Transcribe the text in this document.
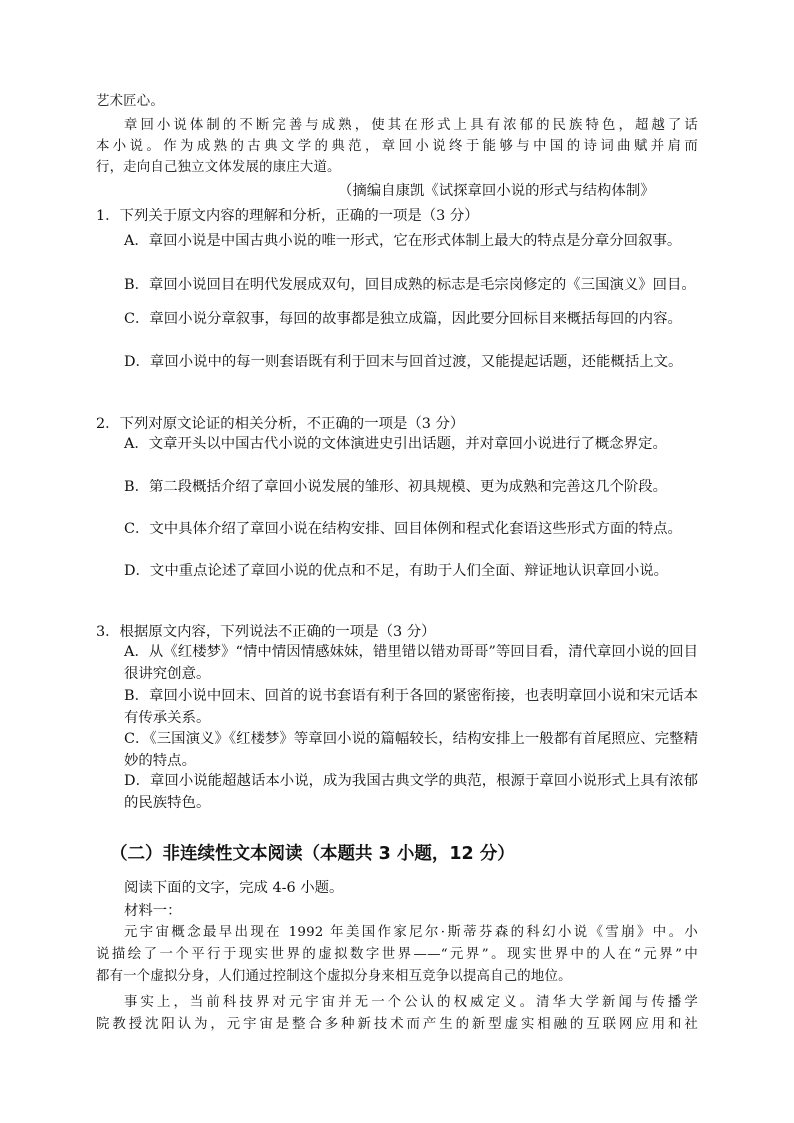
艺术匠心。
章回小说体制的不断完善与成熟，使其在形式上具有浓郁的民族特色，超越了话
本小说。作为成熟的古典文学的典范，章回小说终于能够与中国的诗词曲赋并肩而
行，走向自己独立文体发展的康庄大道。
（摘编自康凯《试探章回小说的形式与结构体制》
1．下列关于原文内容的理解和分析，正确的一项是（3 分）
A．章回小说是中国古典小说的唯一形式，它在形式体制上最大的特点是分章分回叙事。
B．章回小说回目在明代发展成双句，回目成熟的标志是毛宗岗修定的《三国演义》回目。
C．章回小说分章叙事，每回的故事都是独立成篇，因此要分回标目来概括每回的内容。
D．章回小说中的每一则套语既有利于回末与回首过渡，又能提起话题，还能概括上文。
2．下列对原文论证的相关分析，不正确的一项是（3 分）
A．文章开头以中国古代小说的文体演进史引出话题，并对章回小说进行了概念界定。
B．第二段概括介绍了章回小说发展的雏形、初具规模、更为成熟和完善这几个阶段。
C．文中具体介绍了章回小说在结构安排、回目体例和程式化套语这些形式方面的特点。
D．文中重点论述了章回小说的优点和不足，有助于人们全面、辩证地认识章回小说。
3．根据原文内容，下列说法不正确的一项是（3 分）
A．从《红楼梦》“情中情因情感妹妹，错里错以错劝哥哥”等回目看，清代章回小说的回目很讲究创意。
B．章回小说中回末、回首的说书套语有利于各回的紧密衔接，也表明章回小说和宋元话本有传承关系。
C．《三国演义》《红楼梦》等章回小说的篇幅较长，结构安排上一般都有首尾照应、完整精妙的特点。
D．章回小说能超越话本小说，成为我国古典文学的典范，根源于章回小说形式上具有浓郁的民族特色。
（二）非连续性文本阅读（本题共 3 小题，12 分）
阅读下面的文字，完成 4-6 小题。
材料一：
元宇宙概念最早出现在 1992 年美国作家尼尔·斯蒂芬森的科幻小说《雪崩》中。小
说描绘了一个平行于现实世界的虚拟数字世界——“元界”。现实世界中的人在“元界”中
都有一个虚拟分身，人们通过控制这个虚拟分身来相互竞争以提高自己的地位。
事实上，当前科技界对元宇宙并无一个公认的权威定义。清华大学新闻与传播学
院教授沈阳认为，元宇宙是整合多种新技术而产生的新型虚实相融的互联网应用和社
